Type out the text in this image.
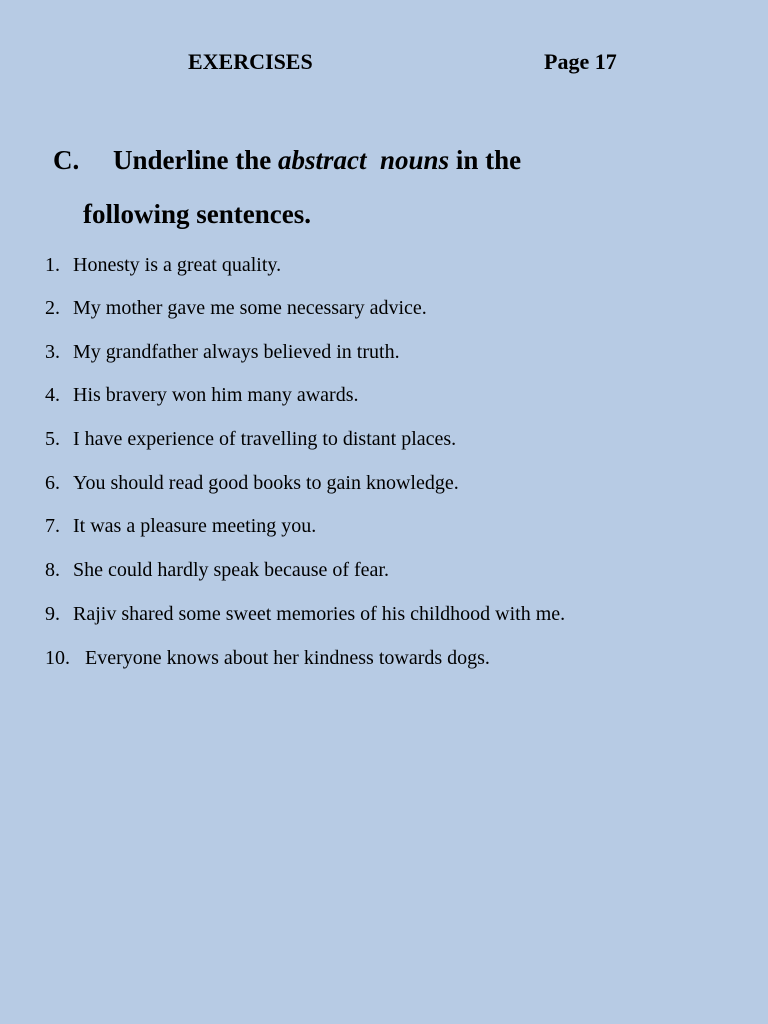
EXERCISES	Page 17
C. Underline the abstract nouns in the
following sentences.
1. Honesty is a great quality.
2. My mother gave me some necessary advice.
3. My grandfather always believed in truth.
4. His bravery won him many awards.
5. I have experience of travelling to distant places.
6. You should read good books to gain knowledge.
7. It was a pleasure meeting you.
8. She could hardly speak because of fear.
9. Rajiv shared some sweet memories of his childhood with me.
10. Everyone knows about her kindness towards dogs.
